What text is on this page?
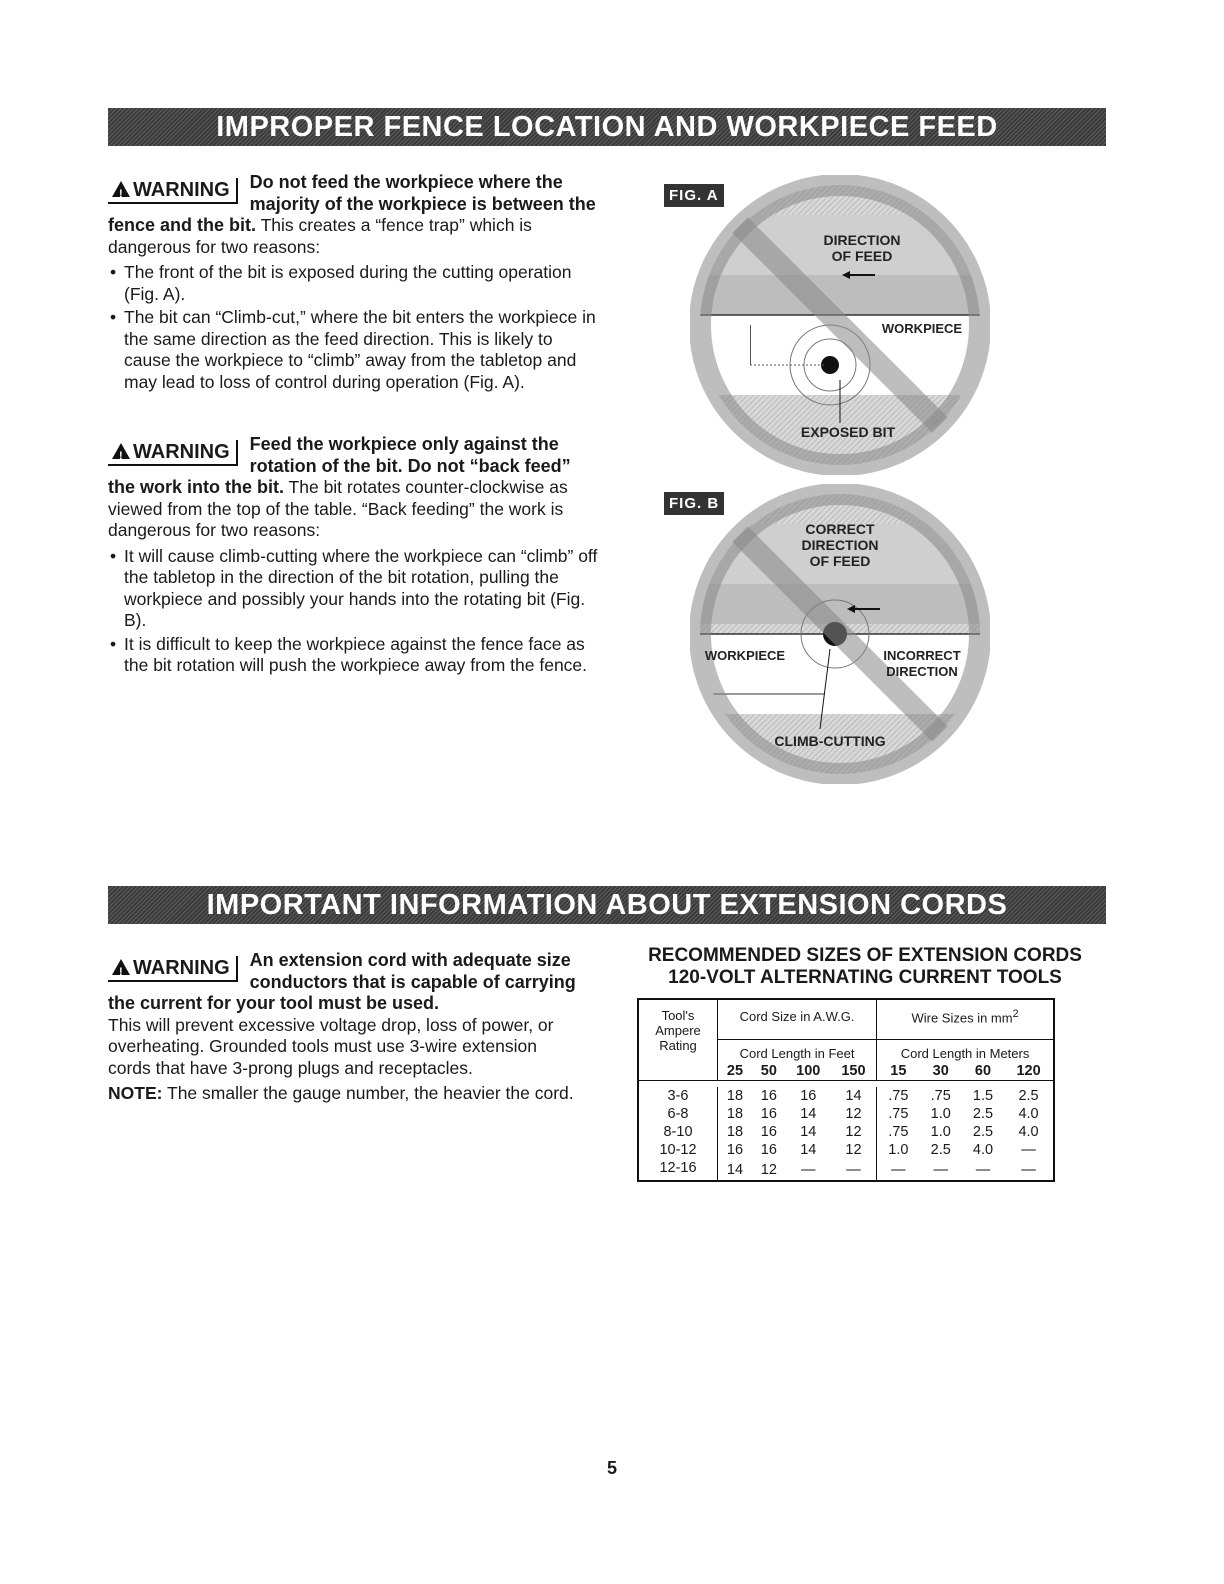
IMPROPER FENCE LOCATION AND WORKPIECE FEED

!WARNING	Do not feed the workpiece where the majority of the workpiece is between the fence and the bit. This creates a “fence trap” which is dangerous for two reasons:

• The front of the bit is exposed during the cutting operation (Fig. A).
• The bit can “Climb-cut,” where the bit enters the workpiece in the same direction as the feed direction. This is likely to cause the workpiece to “climb” away from the tabletop and may lead to loss of control during operation (Fig. A).

!WARNING	Feed the workpiece only against the rotation of the bit. Do not “back feed” the work into the bit. The bit rotates counter-clockwise as viewed from the top of the table. “Back feeding” the work is dangerous for two reasons:

• It will cause climb-cutting where the workpiece can “climb” off the tabletop in the direction of the bit rotation, pulling the workpiece and possibly your hands into the rotating bit (Fig. B).
• It is difficult to keep the workpiece against the fence face as the bit rotation will push the workpiece away from the fence.
FIG. A
DIRECTION
OF FEED
WORKPIECE
EXPOSED BIT
FIG. B
CORRECT
DIRECTION
OF FEED
WORKPIECE	INCORRECT
DIRECTION
CLIMB-CUTTING
IMPORTANT INFORMATION ABOUT EXTENSION CORDS

!WARNING	An extension cord with adequate size conductors that is capable of carrying the current for your tool must be used.

This will prevent excessive voltage drop, loss of power, or overheating. Grounded tools must use 3-wire extension cords that have 3-prong plugs and receptacles.

NOTE: The smaller the gauge number, the heavier the cord.

RECOMMENDED SIZES OF EXTENSION CORDS
120-VOLT ALTERNATING CURRENT TOOLS
Tool's
Ampere
Rating	Cord Size in A.W.G.				Wire Sizes in $mm^2$
	Cord Length in Feet				Cord Length in Meters			
	25	50	100	150	15	30	60	120

3-6	18	16	16	14	.75	.75	1.5	2.5
6-8	18	16	14	12	.75	1.0	2.5	4.0
8-10	18	16	14	12	.75	1.0	2.5	4.0
10-12	16	16	14	12	1.0	2.5	4.0	—
12-16	14	12	—	—	—	—	—	—
5
